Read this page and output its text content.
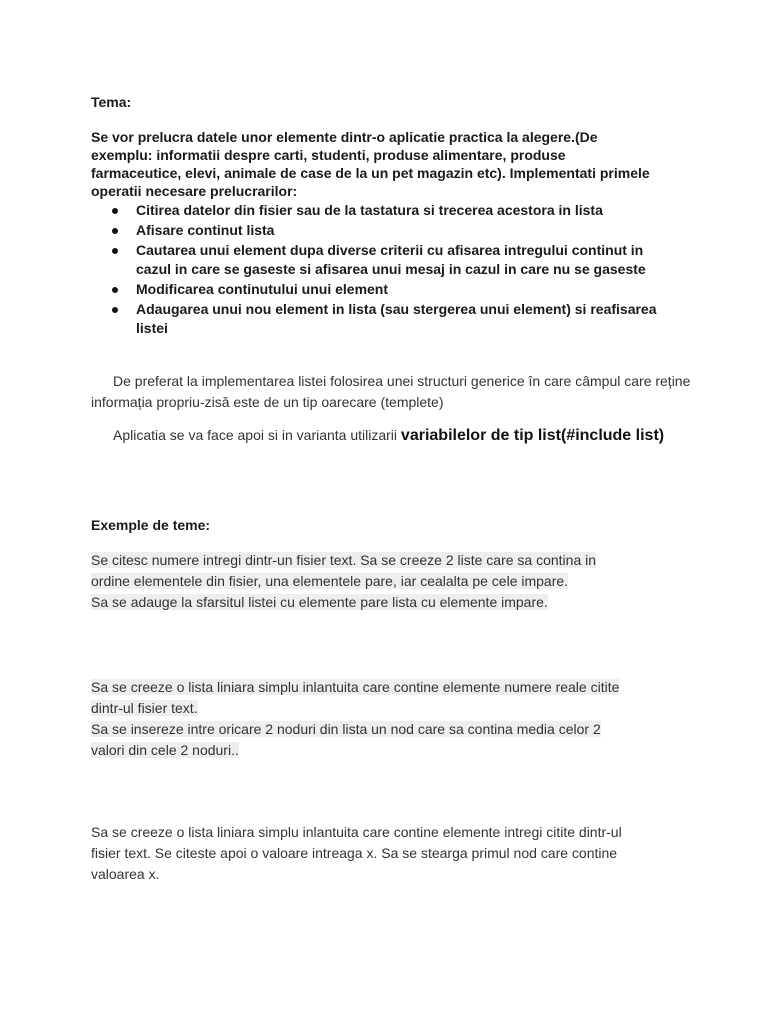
Tema:
Se vor prelucra datele unor elemente dintr-o aplicatie practica la alegere.(De exemplu: informatii despre carti, studenti, produse alimentare, produse farmaceutice, elevi, animale de case de la un pet magazin etc). Implementati primele operatii necesare prelucrarilor:
Citirea datelor din fisier sau de la tastatura si trecerea acestora in lista
Afisare continut lista
Cautarea unui element dupa diverse criterii cu afisarea intregului continut in cazul in care se gaseste si afisarea unui mesaj in cazul in care nu se gaseste
Modificarea continutului unui element
Adaugarea unui nou element in lista (sau stergerea unui element) si reafisarea listei
De preferat la implementarea listei folosirea unei structuri generice în care câmpul care reține informația propriu-zisă este de un tip oarecare (templete)
Aplicatia se va face apoi si in varianta utilizarii variabilelor de tip list(#include list)
Exemple de teme:
Se citesc numere intregi dintr-un fisier text. Sa se creeze 2 liste care sa contina in
ordine elementele din fisier, una elementele pare, iar cealalta pe cele impare.
Sa se adauge la sfarsitul listei cu elemente pare lista cu elemente impare.
Sa se creeze o lista liniara simplu inlantuita care contine elemente numere reale citite
dintr-ul fisier text.
Sa se insereze intre oricare 2 noduri din lista un nod care sa contina media celor 2
valori din cele 2 noduri..
Sa se creeze o lista liniara simplu inlantuita care contine elemente intregi citite dintr-ul
fisier text. Se citeste apoi o valoare intreaga x. Sa se stearga primul nod care contine
valoarea x.
